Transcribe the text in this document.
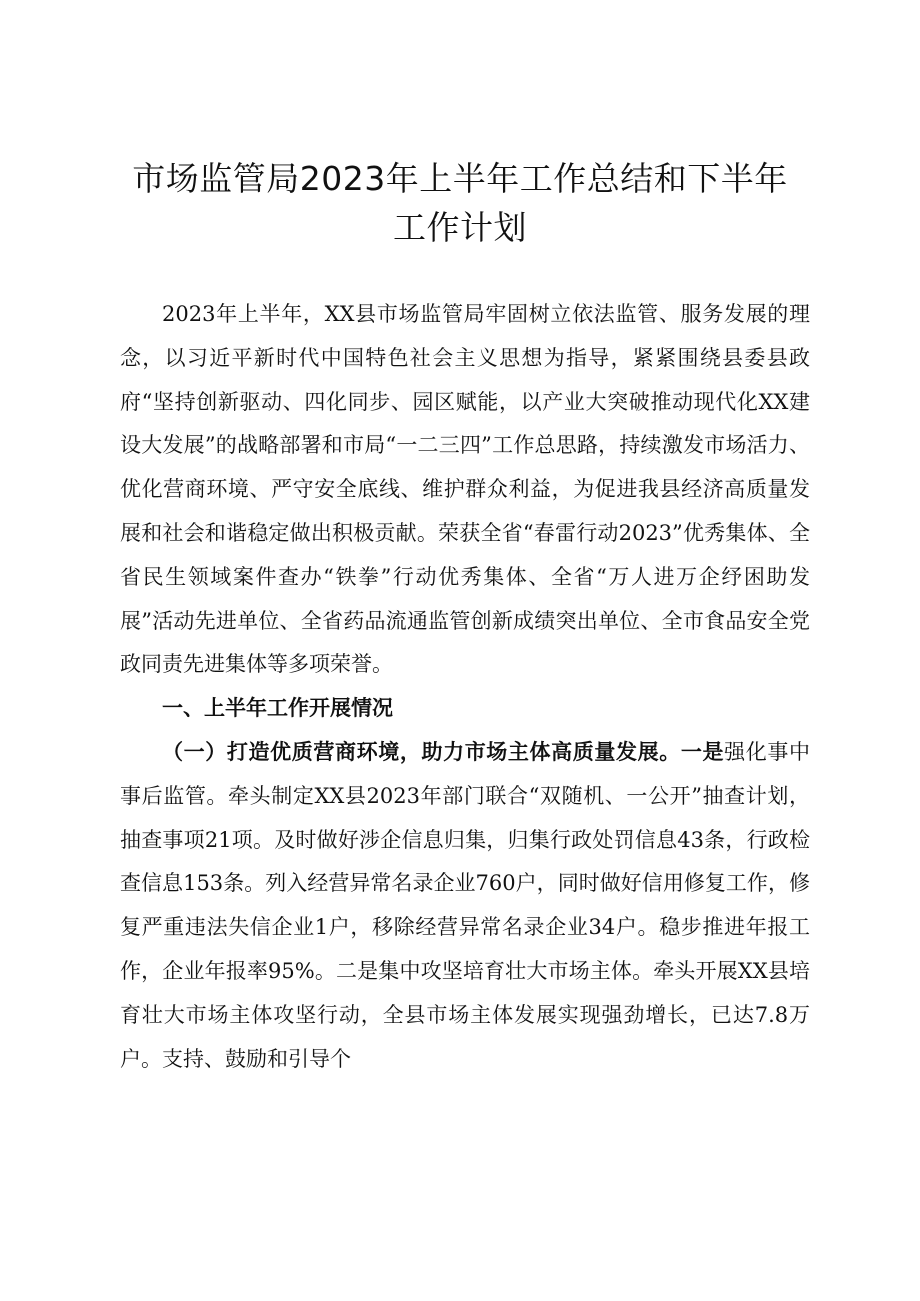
市场监管局2023年上半年工作总结和下半年
工作计划

2023年上半年，XX县市场监管局牢固树立依法监管、服务发展的理念，以习近平新时代中国特色社会主义思想为指导，紧紧围绕县委县政府“坚持创新驱动、四化同步、园区赋能，以产业大突破推动现代化XX建设大发展”的战略部署和市局“一二三四”工作总思路，持续激发市场活力、优化营商环境、严守安全底线、维护群众利益，为促进我县经济高质量发展和社会和谐稳定做出积极贡献。荣获全省“春雷行动2023”优秀集体、全省民生领域案件查办“铁拳”行动优秀集体、全省“万人进万企纾困助发展”活动先进单位、全省药品流通监管创新成绩突出单位、全市食品安全党政同责先进集体等多项荣誉。

一、上半年工作开展情况

（一）打造优质营商环境，助力市场主体高质量发展。一是强化事中事后监管。牵头制定XX县2023年部门联合“双随机、一公开”抽查计划，抽查事项21项。及时做好涉企信息归集，归集行政处罚信息43条，行政检查信息153条。列入经营异常名录企业760户，同时做好信用修复工作，修复严重违法失信企业1户，移除经营异常名录企业34户。稳步推进年报工作，企业年报率95%。二是集中攻坚培育壮大市场主体。牵头开展XX县培育壮大市场主体攻坚行动，全县市场主体发展实现强劲增长，已达7.8万户。支持、鼓励和引导个
